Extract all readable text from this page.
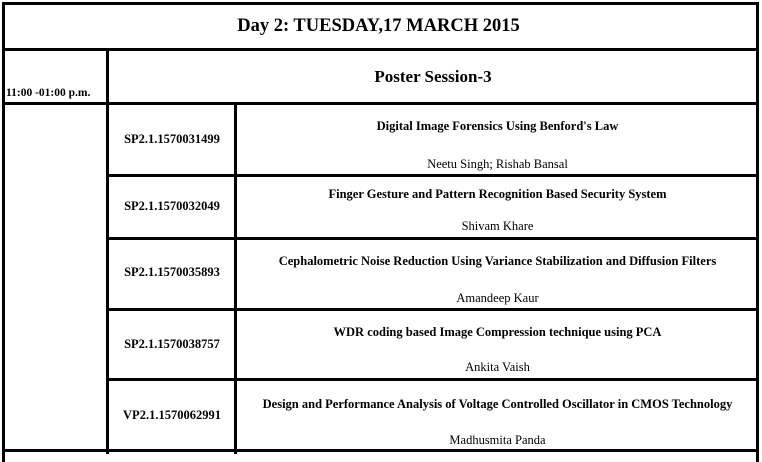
Day 2: TUESDAY,17 MARCH 2015
Poster Session-3
11:00 -01:00 p.m.
SP2.1.1570031499
Digital Image Forensics Using Benford's Law
Neetu Singh; Rishab Bansal
SP2.1.1570032049
Finger Gesture and Pattern Recognition Based Security System
Shivam Khare
SP2.1.1570035893
Cephalometric Noise Reduction Using Variance Stabilization and Diffusion Filters
Amandeep Kaur
SP2.1.1570038757
WDR coding based Image Compression technique using PCA
Ankita Vaish
VP2.1.1570062991
Design and Performance Analysis of Voltage Controlled Oscillator in CMOS Technology
Madhusmita Panda
